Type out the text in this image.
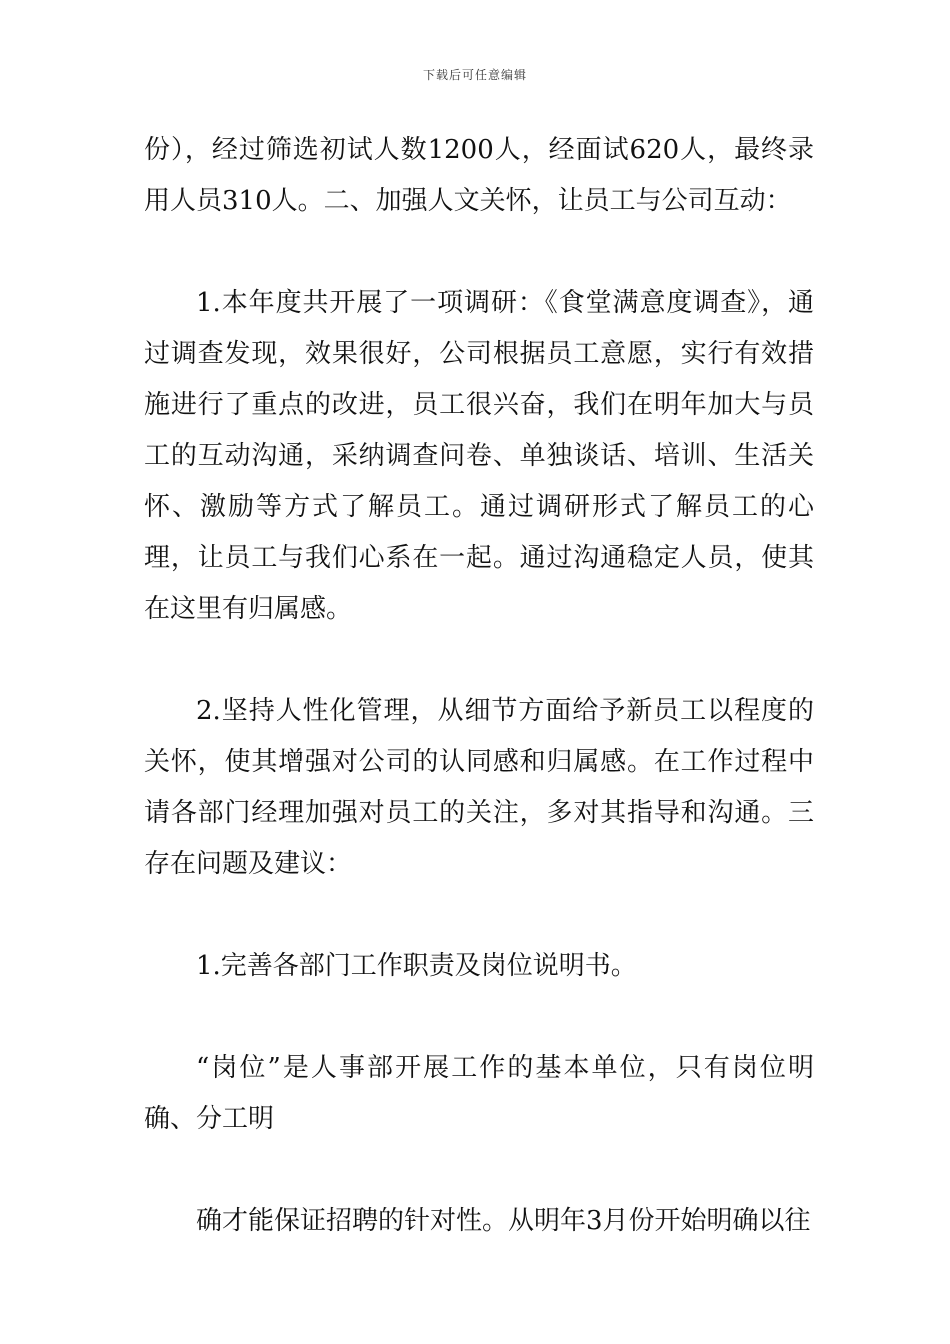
下载后可任意编辑

份），经过筛选初试人数1200人，经面试620人，最终录用人员310人。二、加强人文关怀，让员工与公司互动：

1.本年度共开展了一项调研：《食堂满意度调查》，通过调查发现，效果很好，公司根据员工意愿，实行有效措施进行了重点的改进，员工很兴奋，我们在明年加大与员工的互动沟通，采纳调查问卷、单独谈话、培训、生活关怀、激励等方式了解员工。通过调研形式了解员工的心理，让员工与我们心系在一起。通过沟通稳定人员，使其在这里有归属感。

2.坚持人性化管理，从细节方面给予新员工以程度的关怀，使其增强对公司的认同感和归属感。在工作过程中请各部门经理加强对员工的关注，多对其指导和沟通。三存在问题及建议：

1.完善各部门工作职责及岗位说明书。

“岗位”是人事部开展工作的基本单位，只有岗位明确、分工明

确才能保证招聘的针对性。从明年3月份开始明确以往
